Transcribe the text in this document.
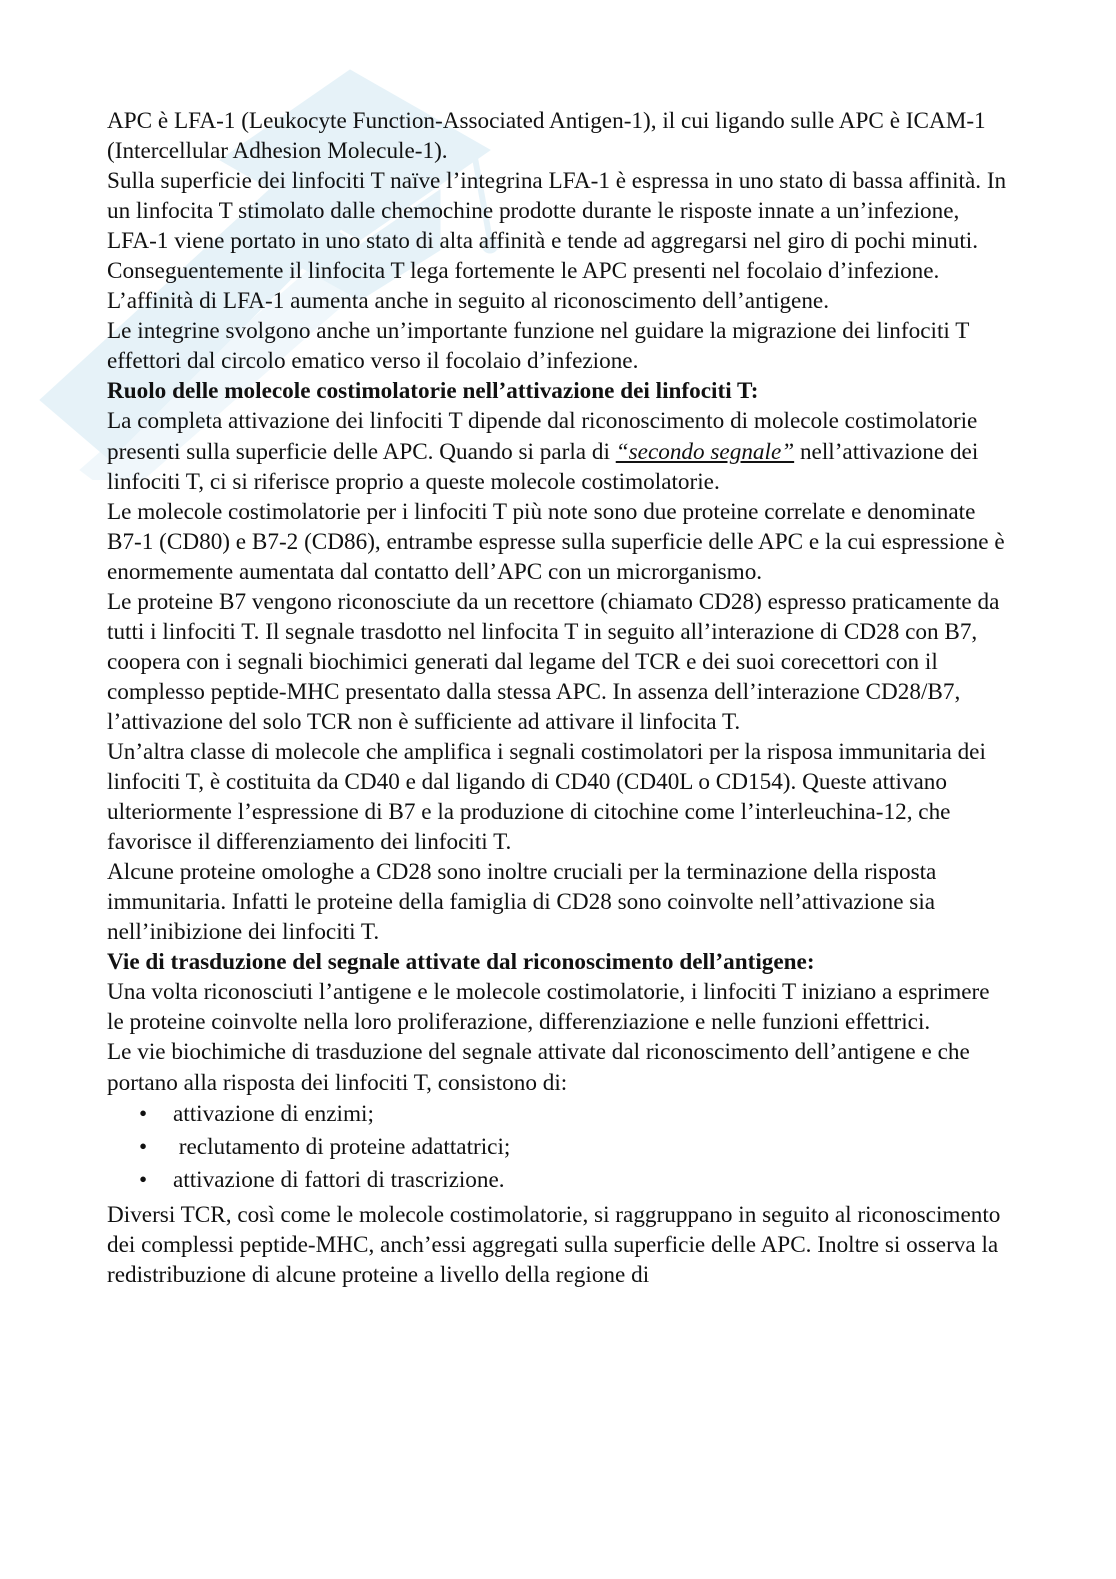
APC è LFA-1 (Leukocyte Function-Associated Antigen-1), il cui ligando sulle APC è ICAM-1 (Intercellular Adhesion Molecule-1).

Sulla superficie dei linfociti T naïve l’integrina LFA-1 è espressa in uno stato di bassa affinità. In un linfocita T stimolato dalle chemochine prodotte durante le risposte innate a un’infezione, LFA-1 viene portato in uno stato di alta affinità e tende ad aggregarsi nel giro di pochi minuti. Conseguentemente il linfocita T lega fortemente le APC presenti nel focolaio d’infezione. L’affinità di LFA-1 aumenta anche in seguito al riconoscimento dell’antigene.

Le integrine svolgono anche un’importante funzione nel guidare la migrazione dei linfociti T effettori dal circolo ematico verso il focolaio d’infezione.

Ruolo delle molecole costimolatorie nell’attivazione dei linfociti T:

La completa attivazione dei linfociti T dipende dal riconoscimento di molecole costimolatorie presenti sulla superficie delle APC. Quando si parla di “secondo segnale” nell’attivazione dei linfociti T, ci si riferisce proprio a queste molecole costimolatorie.

Le molecole costimolatorie per i linfociti T più note sono due proteine correlate e denominate B7-1 (CD80) e B7-2 (CD86), entrambe espresse sulla superficie delle APC e la cui espressione è enormemente aumentata dal contatto dell’APC con un microrganismo.

Le proteine B7 vengono riconosciute da un recettore (chiamato CD28) espresso praticamente da tutti i linfociti T. Il segnale trasdotto nel linfocita T in seguito all’interazione di CD28 con B7, coopera con i segnali biochimici generati dal legame del TCR e dei suoi corecettori con il complesso peptide-MHC presentato dalla stessa APC. In assenza dell’interazione CD28/B7, l’attivazione del solo TCR non è sufficiente ad attivare il linfocita T.

Un’altra classe di molecole che amplifica i segnali costimolatori per la risposa immunitaria dei linfociti T, è costituita da CD40 e dal ligando di CD40 (CD40L o CD154). Queste attivano ulteriormente l’espressione di B7 e la produzione di citochine come l’interleuchina-12, che favorisce il differenziamento dei linfociti T.

Alcune proteine omologhe a CD28 sono inoltre cruciali per la terminazione della risposta immunitaria. Infatti le proteine della famiglia di CD28 sono coinvolte nell’attivazione sia nell’inibizione dei linfociti T.

Vie di trasduzione del segnale attivate dal riconoscimento dell’antigene:

Una volta riconosciuti l’antigene e le molecole costimolatorie, i linfociti T iniziano a esprimere le proteine coinvolte nella loro proliferazione, differenziazione e nelle funzioni effettrici.

Le vie biochimiche di trasduzione del segnale attivate dal riconoscimento dell’antigene e che portano alla risposta dei linfociti T, consistono di:

• attivazione di enzimi;
• reclutamento di proteine adattatrici;
• attivazione di fattori di trascrizione.

Diversi TCR, così come le molecole costimolatorie, si raggruppano in seguito al riconoscimento dei complessi peptide-MHC, anch’essi aggregati sulla superficie delle APC. Inoltre si osserva la redistribuzione di alcune proteine a livello della regione di
